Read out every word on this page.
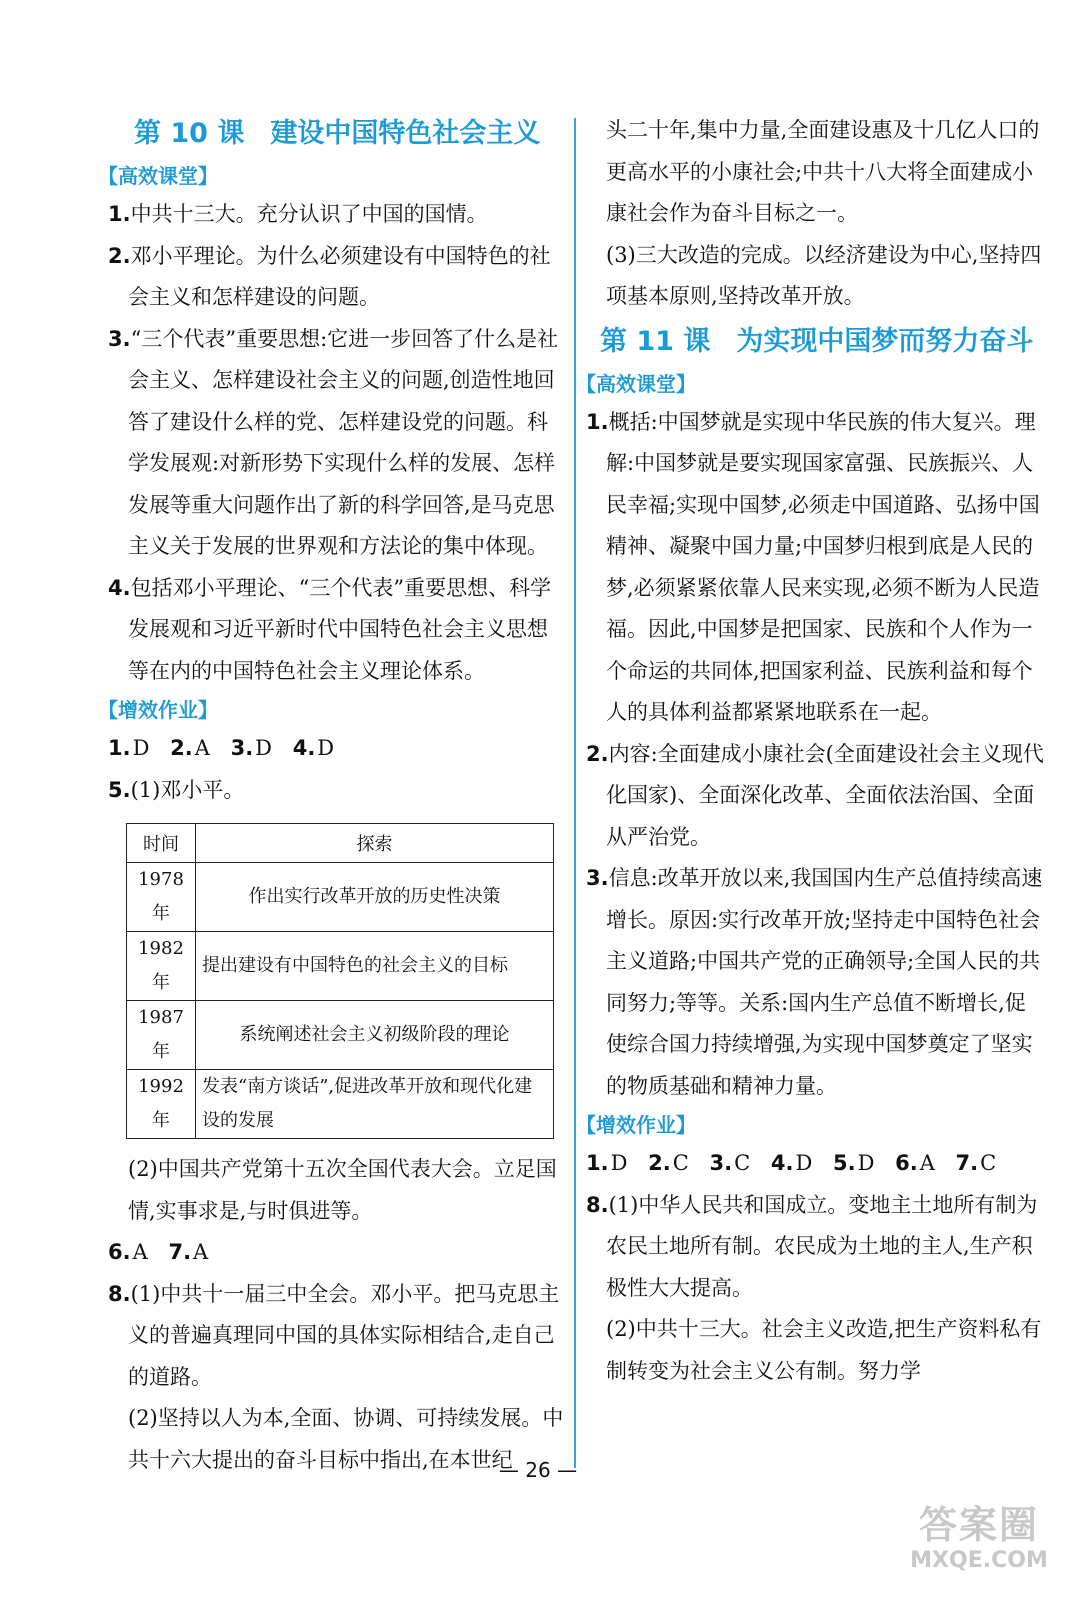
第 10 课 建设中国特色社会主义
【高效课堂】

1.中共十三大。充分认识了中国的国情。

2.邓小平理论。为什么必须建设有中国特色的社会主义和怎样建设的问题。

3.“三个代表”重要思想:它进一步回答了什么是社会主义、怎样建设社会主义的问题,创造性地回答了建设什么样的党、怎样建设党的问题。科学发展观:对新形势下实现什么样的发展、怎样发展等重大问题作出了新的科学回答,是马克思主义关于发展的世界观和方法论的集中体现。

4.包括邓小平理论、“三个代表”重要思想、科学发展观和习近平新时代中国特色社会主义思想等在内的中国特色社会主义理论体系。

【增效作业】

1.D 2.A 3.D 4.D

5.(1)邓小平。

时间	探索
1978 年	作出实行改革开放的历史性决策
1982 年	提出建设有中国特色的社会主义的目标
1987 年	系统阐述社会主义初级阶段的理论
1992 年	发表“南方谈话”,促进改革开放和现代化建设的发展

(2)中国共产党第十五次全国代表大会。立足国情,实事求是,与时俱进等。

6.A 7.A

8.(1)中共十一届三中全会。邓小平。把马克思主义的普遍真理同中国的具体实际相结合,走自己的道路。

(2)坚持以人为本,全面、协调、可持续发展。中共十六大提出的奋斗目标中指出,在本世纪

头二十年,集中力量,全面建设惠及十几亿人口的更高水平的小康社会;中共十八大将全面建成小康社会作为奋斗目标之一。

(3)三大改造的完成。以经济建设为中心,坚持四项基本原则,坚持改革开放。

第 11 课 为实现中国梦而努力奋斗
【高效课堂】

1.概括:中国梦就是实现中华民族的伟大复兴。理解:中国梦就是要实现国家富强、民族振兴、人民幸福;实现中国梦,必须走中国道路、弘扬中国精神、凝聚中国力量;中国梦归根到底是人民的梦,必须紧紧依靠人民来实现,必须不断为人民造福。因此,中国梦是把国家、民族和个人作为一个命运的共同体,把国家利益、民族利益和每个人的具体利益都紧紧地联系在一起。

2.内容:全面建成小康社会(全面建设社会主义现代化国家)、全面深化改革、全面依法治国、全面从严治党。

3.信息:改革开放以来,我国国内生产总值持续高速增长。原因:实行改革开放;坚持走中国特色社会主义道路;中国共产党的正确领导;全国人民的共同努力;等等。关系:国内生产总值不断增长,促使综合国力持续增强,为实现中国梦奠定了坚实的物质基础和精神力量。

【增效作业】

1.D 2.C 3.C 4.D 5.D 6.A 7.C

8.(1)中华人民共和国成立。变地主土地所有制为农民土地所有制。农民成为土地的主人,生产积极性大大提高。

(2)中共十三大。社会主义改造,把生产资料私有制转变为社会主义公有制。努力学

— 26 —
答案圈
MXQE.COM
